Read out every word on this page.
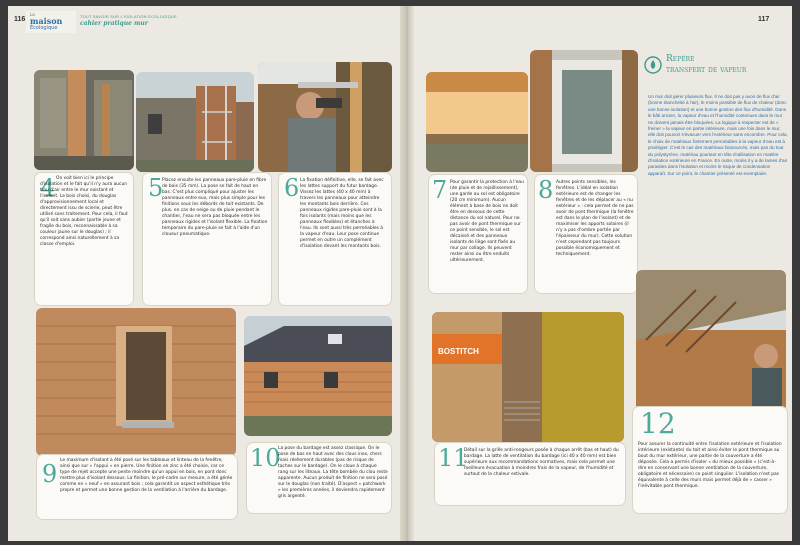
116
La
maison
Écologique
TOUT SAVOIR SUR L'ISOLATION ÉCOLOGIQUE
cahier pratique mur
4 On voit bien ici le principe d'isolation et le fait qu'il n'y aura aucun trou d'air entre le mur existant et l'isolant. Le bois choisi, du douglas d'approvisionnement local et directement issu de scierie, peut être utilisé sans traitement. Pour cela, il faut qu'il soit sans aubier (partie jeune et fragile du bois, reconnaissable à sa couleur jaune sur le douglas) ; il correspond ainsi naturellement à sa classe d'emploi.
5
Placez ensuite les panneaux pare-pluie en fibre de bois (35 mm). La pose se fait de haut en bas. C'est plus compliqué pour ajuster les panneaux entre eux, mais plus simple pour les finitions sous les débords de toit existants. De plus, en cas de neige ou de pluie pendant le chantier, l'eau ne sera pas bloquée entre les panneaux rigides et l'isolant flexible. La fixation temporaire du pare-pluie se fait à l'aide d'un cloueur pneumatique.
6 La fixation définitive, elle, se fait avec les lattes support du futur bardage. Vissez les lattes (40 x 40 mm) à travers les panneaux pour atteindre les montants bois derrière. Ces panneaux rigides pare-pluie sont à la fois isolants (mais moins que les panneaux flexibles) et étanches à l'eau. Ils sont aussi très perméables à la vapeur d'eau. Leur pose continue permet en outre un complément d'isolation devant les montants bois.
9 Le maximum d'isolant a été posé sur les tableaux et linteau de la fenêtre, ainsi que sur « l'appui » en pierre. Une finition en zinc a été choisie, car ce type de rejet accepte une pente moindre qu'un appui en bois, en pont donc mettre plus d'isolant dessous. La finition, le pré-cadre sur mesure, a été gérée comme en « neuf » en assurant bois ; cela garantit un aspect esthétique très propre et permet une bonne gestion de la ventilation à l'arrière du bardage.
10
La pose du bardage est assez classique. On le pose de bas en haut avec des clous inox, chers mais réellement durables (pas de risque de taches sur le bardage). On le cloue à chaque rang sur les liteaux. La tête bombée du clou reste apparente. Aucun produit de finition ne sera posé sur le douglas (non traité). D'aspect « patchwork » les premières années, il deviendra rapidement gris argenté.
117
7 Pour garantir la protection à l'eau (de pluie et de rejaillissement), une garde au sol est obligatoire (20 cm minimum). Aucun élément à base de bois ne doit être en dessous de cette distance du sol naturel. Pour ne pas avoir de pont thermique sur ce point sensible, le sol est décaissé et des panneaux isolants de liège sont fixés au mur par collage. Ils peuvent rester ainsi ou être enduits ultérieurement.
8 Autres points sensibles, les fenêtres. L'idéal en isolation extérieure est de changer les fenêtres et de les déplacer au « nu extérieur » : cela permet de ne pas avoir de pont thermique (la fenêtre est dans le plan de l'isolant) et de maximiser les apports solaires (il n'y a pas d'ombre portée par l'épaisseur du mur). Cette solution n'est cependant pas toujours possible économiquement et techniquement.
Repère
transfert de vapeur
Un mur doit gérer plusieurs flux. Il ne doit pas y avoir de flux d'air (bonne étanchéité à l'air), le moins possible de flux de chaleur (donc une bonne isolation) et une bonne gestion des flux d'humidité. Dans le bâti ancien, la vapeur d'eau et l'humidité contenues dans le mur ne doivent jamais être bloquées. La logique à respecter est de « freiner » la vapeur en partie intérieure, mais une fois dans le mur, elle doit pouvoir s'évacuer vers l'extérieur sans encombre. Pour cela, le choix de matériaux fortement perméables à la vapeur d'eau est à privilégier. C'est le cas des matériaux biosourcés, mais pas du tout du polystyrène, matériau pourtant en tête d'utilisation en matière d'isolation extérieure en France. En outre, moins il y a de lames d'air parasites dans l'isolation et moins le risque de condensation apparaît. Sur ce point, le chantier présenté est exemplaire.
BOSTITCH
11
Détail sur la grille anti-rongeurs posée à chaque arrêt (bas et haut) du bardage. La latte de ventilation du bardage (ici 40 x 40 mm) est bien supérieure aux recommandations normatives, mais cela permet une meilleure évacuation à moindres frais de la vapeur, de l'humidité et surtout de la chaleur estivale.
12
Pour assurer la continuité entre l'isolation extérieure et l'isolation intérieure (existante) du toit et ainsi éviter le pont thermique au bout du mur extérieur, une partie de la couverture a été déposée. Cela a permis d'isoler « du mieux possible » (c'est-à-dire en conservant une bonne ventilation de la couverture, obligatoire et nécessaire) ce point singulier. L'isolation n'est pas équivalente à celle des murs mais permet déjà de « casser » l'inévitable pont thermique.
